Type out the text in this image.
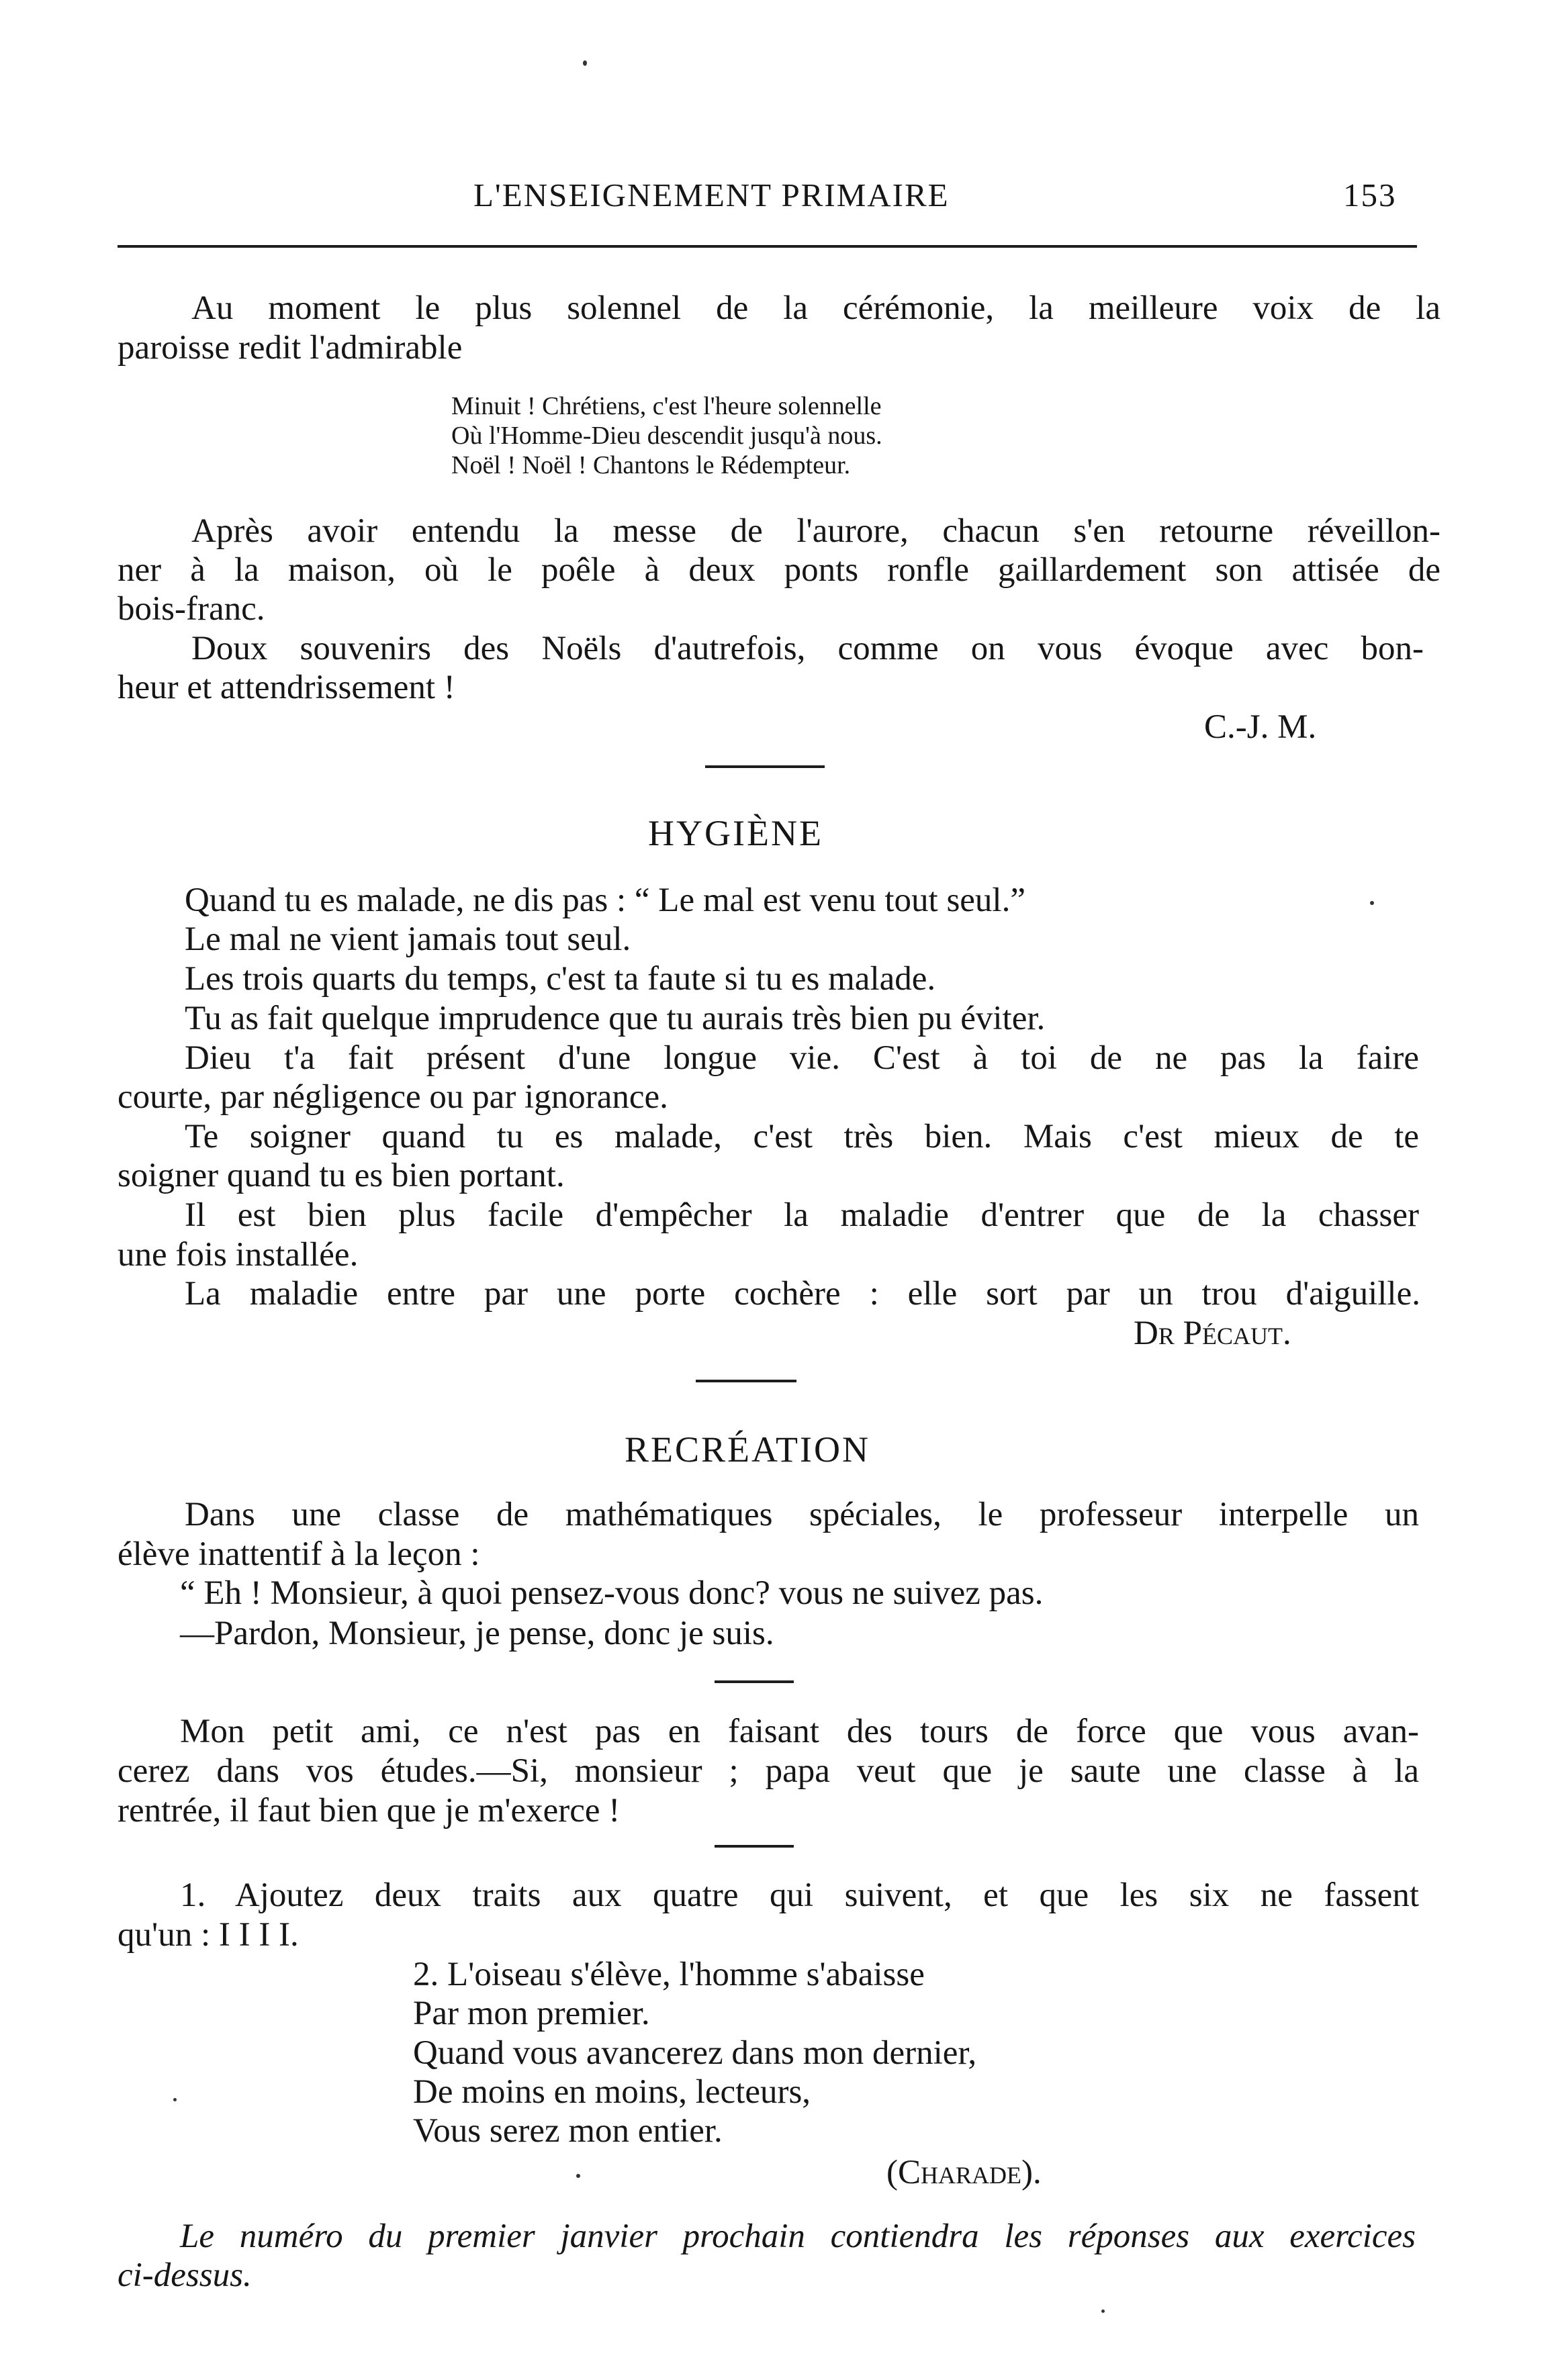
L'ENSEIGNEMENT PRIMAIRE	153
Au moment le plus solennel de la cérémonie, la meilleure voix de la
paroisse redit l'admirable
Minuit ! Chrétiens, c'est l'heure solennelle
Où l'Homme-Dieu descendit jusqu'à nous.
Noël ! Noël ! Chantons le Rédempteur.
Après avoir entendu la messe de l'aurore, chacun s'en retourne réveillon-
ner à la maison, où le poêle à deux ponts ronfle gaillardement son attisée de
bois-franc.
Doux souvenirs des Noëls d'autrefois, comme on vous évoque avec bon-
heur et attendrissement !
C.-J. M.
HYGIÈNE
Quand tu es malade, ne dis pas : “ Le mal est venu tout seul.”
Le mal ne vient jamais tout seul.
Les trois quarts du temps, c'est ta faute si tu es malade.
Tu as fait quelque imprudence que tu aurais très bien pu éviter.
Dieu t'a fait présent d'une longue vie. C'est à toi de ne pas la faire
courte, par négligence ou par ignorance.
Te soigner quand tu es malade, c'est très bien. Mais c'est mieux de te
soigner quand tu es bien portant.
Il est bien plus facile d'empêcher la maladie d'entrer que de la chasser
une fois installée.
La maladie entre par une porte cochère : elle sort par un trou d'aiguille.
Dr Pécaut.
RECRÉATION
Dans une classe de mathématiques spéciales, le professeur interpelle un
élève inattentif à la leçon :
“ Eh ! Monsieur, à quoi pensez-vous donc? vous ne suivez pas.
—Pardon, Monsieur, je pense, donc je suis.
Mon petit ami, ce n'est pas en faisant des tours de force que vous avan-
cerez dans vos études.—Si, monsieur ; papa veut que je saute une classe à la
rentrée, il faut bien que je m'exerce !
1. Ajoutez deux traits aux quatre qui suivent, et que les six ne fassent
qu'un : I I I I.
2. L'oiseau s'élève, l'homme s'abaisse
Par mon premier.
Quand vous avancerez dans mon dernier,
De moins en moins, lecteurs,
Vous serez mon entier.
(Charade).
Le numéro du premier janvier prochain contiendra les réponses aux exercices
ci-dessus.
